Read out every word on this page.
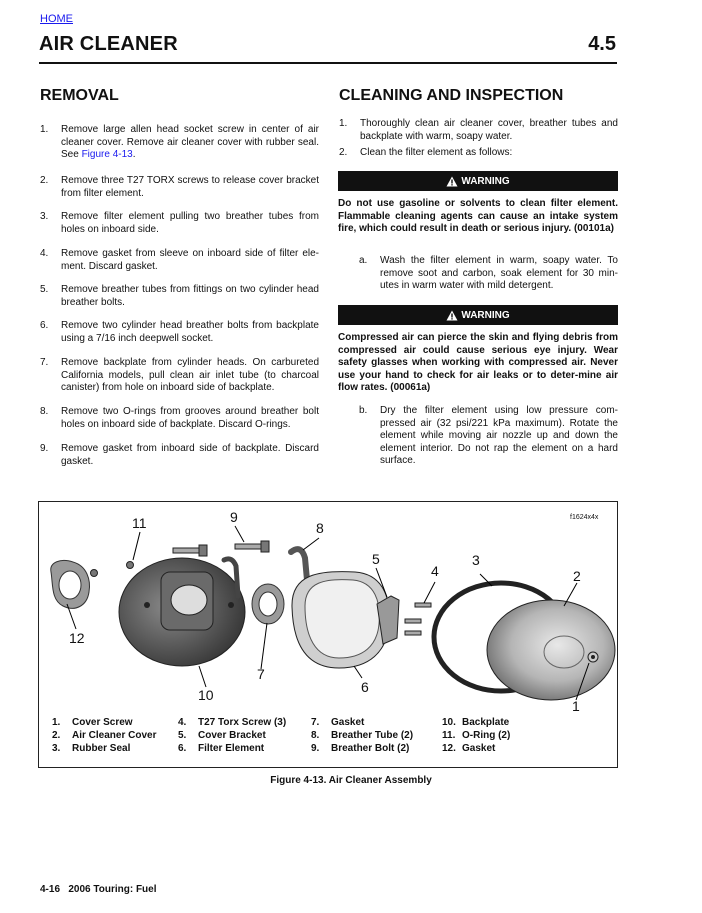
HOME
AIR CLEANER	4.5
REMOVAL
1. Remove large allen head socket screw in center of air cleaner cover. Remove air cleaner cover with rubber seal. See Figure 4-13.
2. Remove three T27 TORX screws to release cover bracket from filter element.
3. Remove filter element pulling two breather tubes from holes on inboard side.
4. Remove gasket from sleeve on inboard side of filter ele-ment. Discard gasket.
5. Remove breather tubes from fittings on two cylinder head breather bolts.
6. Remove two cylinder head breather bolts from backplate using a 7/16 inch deepwell socket.
7. Remove backplate from cylinder heads. On carbureted California models, pull clean air inlet tube (to charcoal canister) from hole on inboard side of backplate.
8. Remove two O-rings from grooves around breather bolt holes on inboard side of backplate. Discard O-rings.
9. Remove gasket from inboard side of backplate. Discard gasket.
CLEANING AND INSPECTION
1. Thoroughly clean air cleaner cover, breather tubes and backplate with warm, soapy water.
2. Clean the filter element as follows:
WARNING
Do not use gasoline or solvents to clean filter element. Flammable cleaning agents can cause an intake system fire, which could result in death or serious injury. (00101a)
a. Wash the filter element in warm, soapy water. To remove soot and carbon, soak element for 30 min-utes in warm water with mild detergent.
WARNING
Compressed air can pierce the skin and flying debris from compressed air could cause serious eye injury. Wear safety glasses when working with compressed air. Never use your hand to check for air leaks or to deter-mine air flow rates. (00061a)
b. Dry the filter element using low pressure com-pressed air (32 psi/221 kPa maximum). Rotate the element while moving air nozzle up and down the element interior. Do not rap the element on a hard surface.
f1624x4x
1
2
3
4
5
6
7
8
9
10
11
12
1. Cover Screw
2. Air Cleaner Cover
3. Rubber Seal
4. T27 Torx Screw (3)
5. Cover Bracket
6. Filter Element
7. Gasket
8. Breather Tube (2)
9. Breather Bolt (2)
10. Backplate
11. O-Ring (2)
12. Gasket
Figure 4-13. Air Cleaner Assembly
4-16   2006 Touring: Fuel
